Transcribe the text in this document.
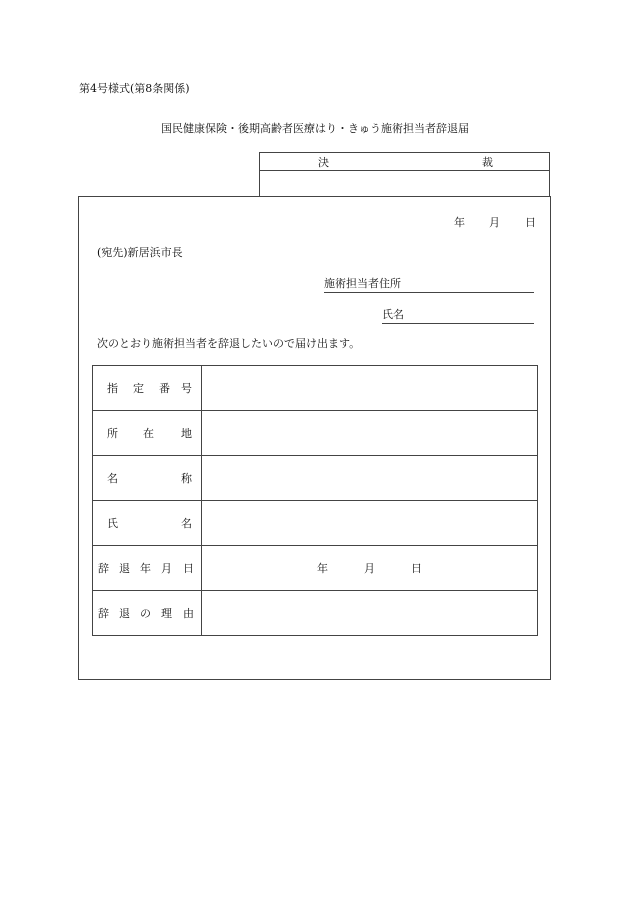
第4号様式(第8条関係)
国民健康保険・後期高齢者医療はり・きゅう施術担当者辞退届
決	裁
年 月 日
(宛先)新居浜市長
施術担当者住所
氏名
次のとおり施術担当者を辞退したいので届け出ます。
指 定 番 号	

所 在 地	

名 称	

氏 名	

辞 退 年 月 日	年 月 日

辞 退 の 理 由	
